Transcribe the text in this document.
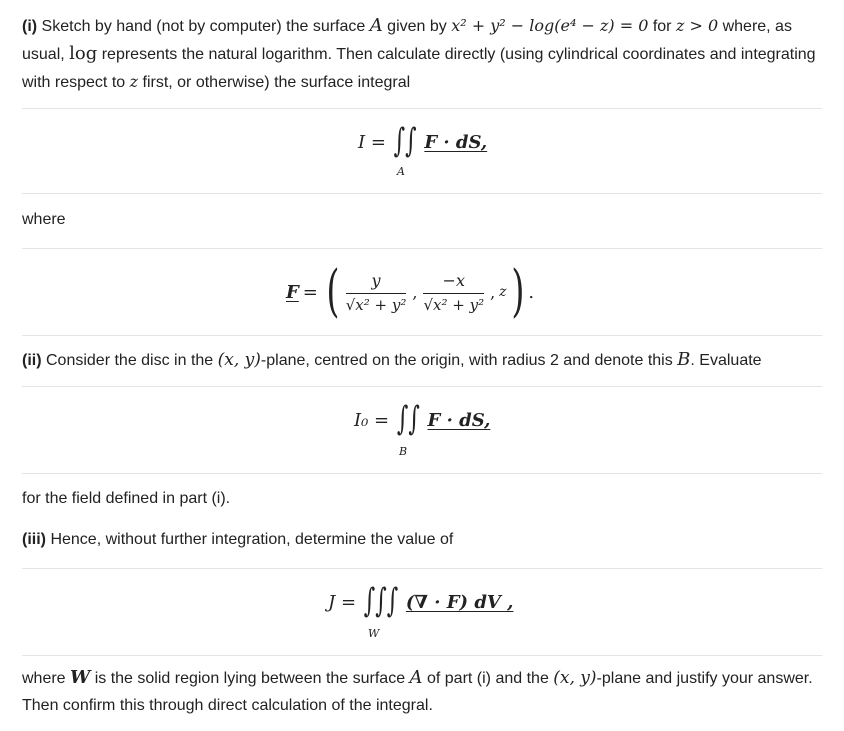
(i) Sketch by hand (not by computer) the surface A given by x² + y² − log(e⁴ − z) = 0 for z > 0 where, as usual, log represents the natural logarithm. Then calculate directly (using cylindrical coordinates and integrating with respect to z first, or otherwise) the surface integral
I = ∫∫ F · dS,
A
where
F = ( $\frac{y}{\text{√x² + y²}}$ , $\frac{-x}{\text{√x² + y²}}$ , z ) .
(ii) Consider the disc in the (x, y)-plane, centred on the origin, with radius 2 and denote this B. Evaluate
I₀ = ∫∫ F · dS,
B
for the field defined in part (i).
(iii) Hence, without further integration, determine the value of
J = ∫∫∫ (∇ · F) dV ,
W
where W is the solid region lying between the surface A of part (i) and the (x, y)-plane and justify your answer. Then confirm this through direct calculation of the integral.
